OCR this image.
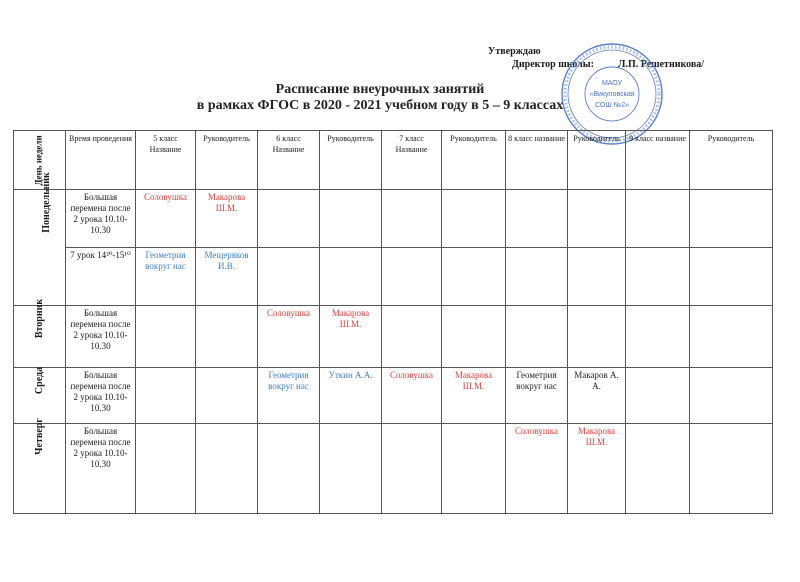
Утверждаю
Директор школы: Л.П. Решетникова/
МАОУ
«Викуловская
СОШ №2»
Расписание внеурочных занятий
в рамках ФГОС в 2020 - 2021 учебном году в 5 – 9 классах
День недели	Время проведения	5 класс Название	Руководитель	6 класс Название	Руководитель	7 класс Название	Руководитель	8 класс название	Руководитель	9 класс название	Руководитель
Понедельник	Большая перемена после 2 урока 10.10-10.30	Соловушка	Макарова Ш.М.								
	7 урок 14²⁰-15¹⁰	Геометрия вокруг нас	Мещеряков И.В.								
Вторник	Большая перемена после 2 урока 10.10-10.30			Соловушка	Макарова Ш.М.						
Среда	Большая перемена после 2 урока 10.10-10.30			Геометрия вокруг нас	Уткин А.А.	Соловушка	Макарова Ш.М.	Геометрия вокруг нас	Макаров А. А.		
Четверг	Большая перемена после 2 урока 10.10-10.30							Соловушка	Макарова Ш.М.		
